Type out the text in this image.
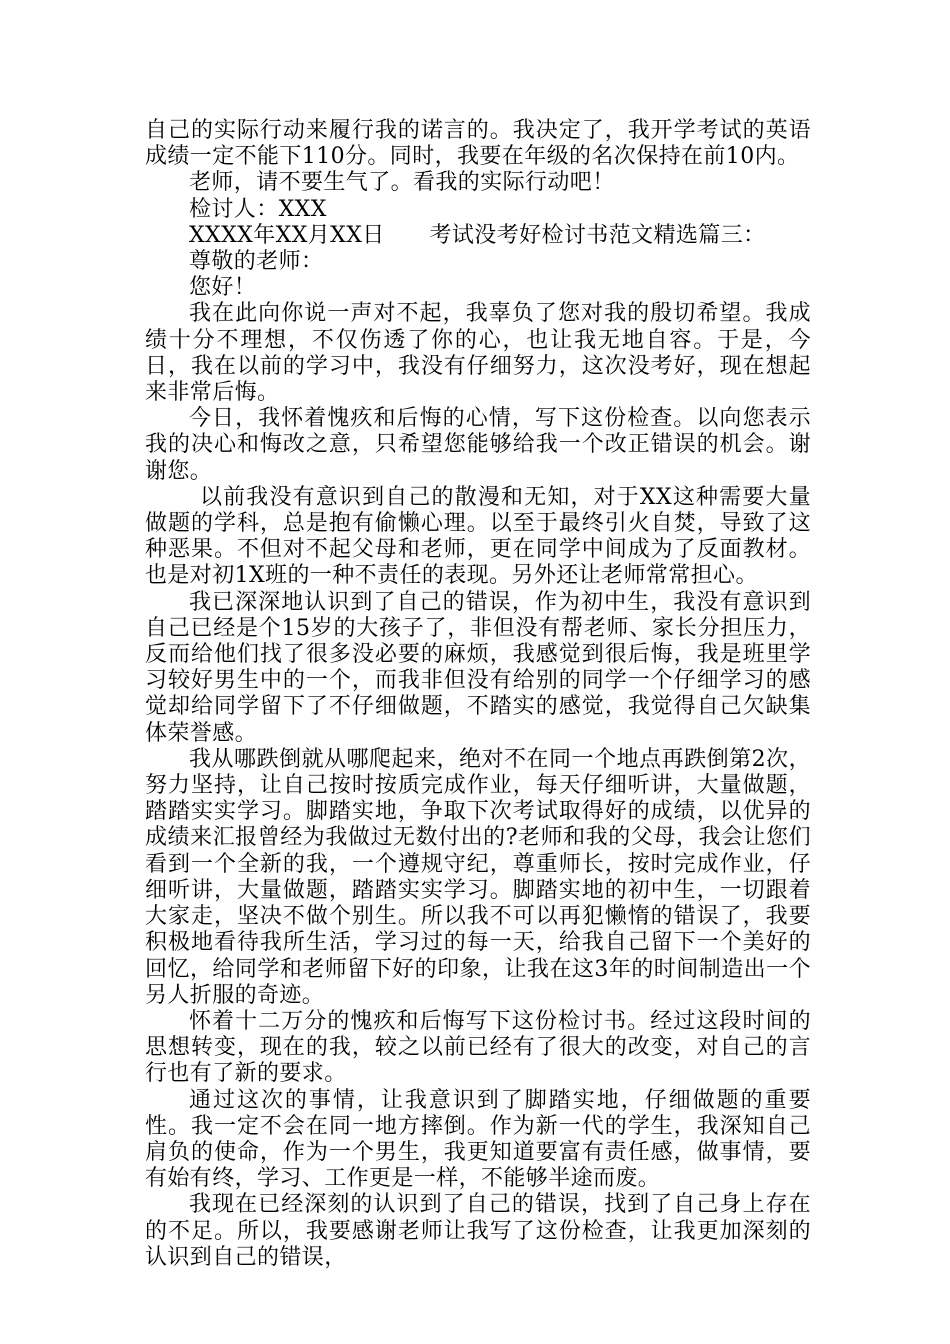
自己的实际行动来履行我的诺言的。我决定了，我开学考试的英语成绩一定不能下110分。同时，我要在年级的名次保持在前10内。

老师，请不要生气了。看我的实际行动吧！

检讨人：XXX

XXXX年XX月XX日　　考试没考好检讨书范文精选篇三：

尊敬的老师：

您好！

我在此向你说一声对不起，我辜负了您对我的殷切希望。我成绩十分不理想，不仅伤透了你的心，也让我无地自容。于是，今日，我在以前的学习中，我没有仔细努力，这次没考好，现在想起来非常后悔。

今日，我怀着愧疚和后悔的心情，写下这份检查。以向您表示我的决心和悔改之意，只希望您能够给我一个改正错误的机会。谢谢您。

以前我没有意识到自己的散漫和无知，对于XX这种需要大量做题的学科，总是抱有偷懒心理。以至于最终引火自焚，导致了这种恶果。不但对不起父母和老师，更在同学中间成为了反面教材。也是对初1X班的一种不责任的表现。另外还让老师常常担心。

我已深深地认识到了自己的错误，作为初中生，我没有意识到自己已经是个15岁的大孩子了，非但没有帮老师、家长分担压力，反而给他们找了很多没必要的麻烦，我感觉到很后悔，我是班里学习较好男生中的一个，而我非但没有给别的同学一个仔细学习的感觉却给同学留下了不仔细做题，不踏实的感觉，我觉得自己欠缺集体荣誉感。

我从哪跌倒就从哪爬起来，绝对不在同一个地点再跌倒第2次，努力坚持，让自己按时按质完成作业，每天仔细听讲，大量做题，踏踏实实学习。脚踏实地，争取下次考试取得好的成绩，以优异的成绩来汇报曾经为我做过无数付出的?老师和我的父母，我会让您们看到一个全新的我，一个遵规守纪，尊重师长，按时完成作业，仔细听讲，大量做题，踏踏实实学习。脚踏实地的初中生，一切跟着大家走，坚决不做个别生。所以我不可以再犯懒惰的错误了，我要积极地看待我所生活，学习过的每一天，给我自己留下一个美好的回忆，给同学和老师留下好的印象，让我在这3年的时间制造出一个另人折服的奇迹。

怀着十二万分的愧疚和后悔写下这份检讨书。经过这段时间的思想转变，现在的我，较之以前已经有了很大的改变，对自己的言行也有了新的要求。

通过这次的事情，让我意识到了脚踏实地，仔细做题的重要性。我一定不会在同一地方摔倒。作为新一代的学生，我深知自己肩负的使命，作为一个男生，我更知道要富有责任感，做事情，要有始有终，学习、工作更是一样，不能够半途而废。

我现在已经深刻的认识到了自己的错误，找到了自己身上存在的不足。所以，我要感谢老师让我写了这份检查，让我更加深刻的认识到自己的错误，
